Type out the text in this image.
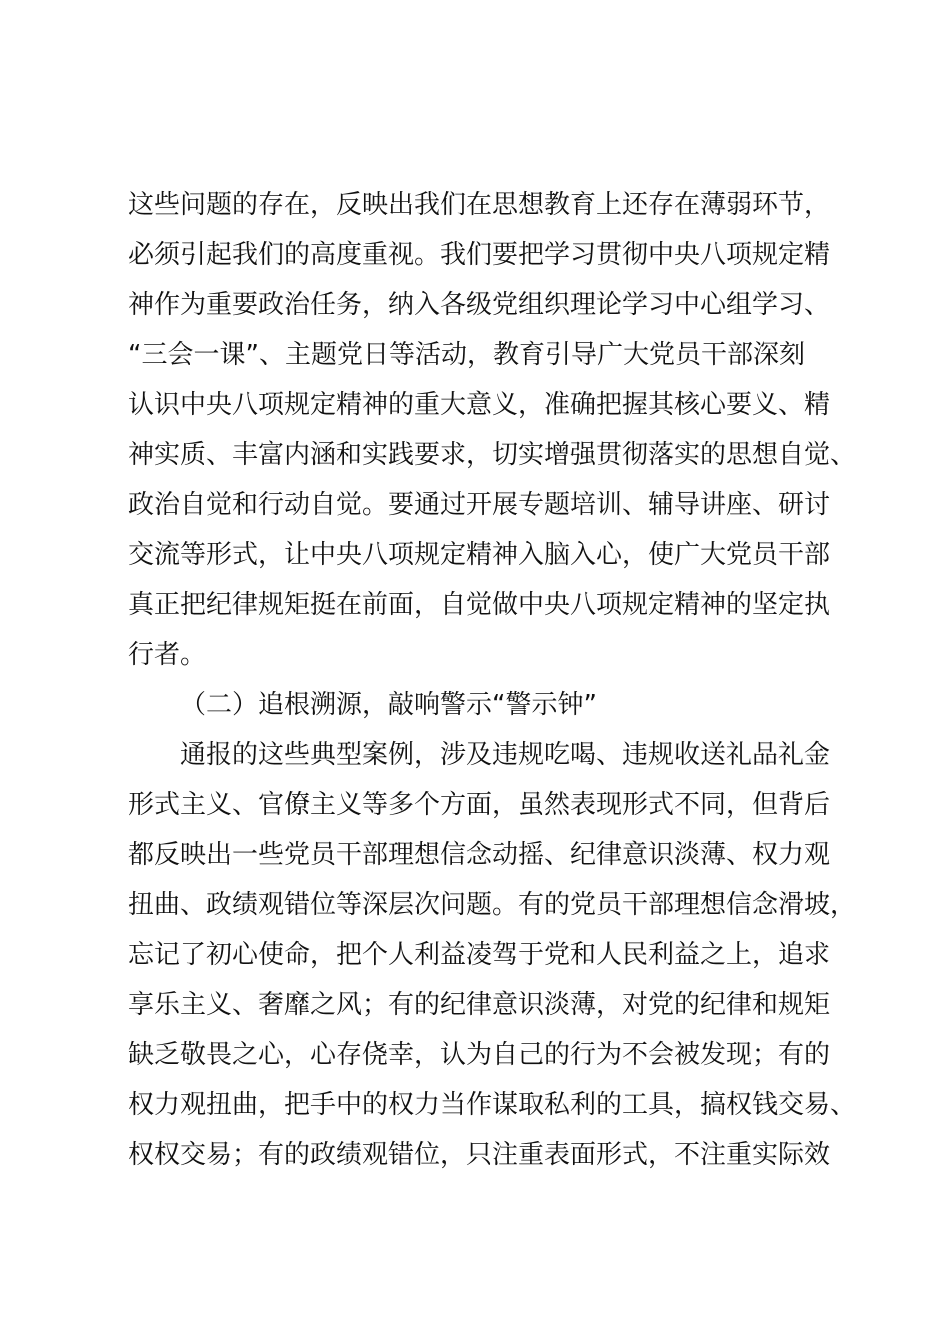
这些问题的存在，反映出我们在思想教育上还存在薄弱环节，
必须引起我们的高度重视。我们要把学习贯彻中央八项规定精
神作为重要政治任务，纳入各级党组织理论学习中心组学习、
“三会一课”、主题党日等活动，教育引导广大党员干部深刻
认识中央八项规定精神的重大意义，准确把握其核心要义、精
神实质、丰富内涵和实践要求，切实增强贯彻落实的思想自觉、
政治自觉和行动自觉。要通过开展专题培训、辅导讲座、研讨
交流等形式，让中央八项规定精神入脑入心，使广大党员干部
真正把纪律规矩挺在前面，自觉做中央八项规定精神的坚定执
行者。
（二）追根溯源，敲响警示“警示钟”
通报的这些典型案例，涉及违规吃喝、违规收送礼品礼金
形式主义、官僚主义等多个方面，虽然表现形式不同，但背后
都反映出一些党员干部理想信念动摇、纪律意识淡薄、权力观
扭曲、政绩观错位等深层次问题。有的党员干部理想信念滑坡，
忘记了初心使命，把个人利益凌驾于党和人民利益之上，追求
享乐主义、奢靡之风；有的纪律意识淡薄，对党的纪律和规矩
缺乏敬畏之心，心存侥幸，认为自己的行为不会被发现；有的
权力观扭曲，把手中的权力当作谋取私利的工具，搞权钱交易、
权权交易；有的政绩观错位，只注重表面形式，不注重实际效
